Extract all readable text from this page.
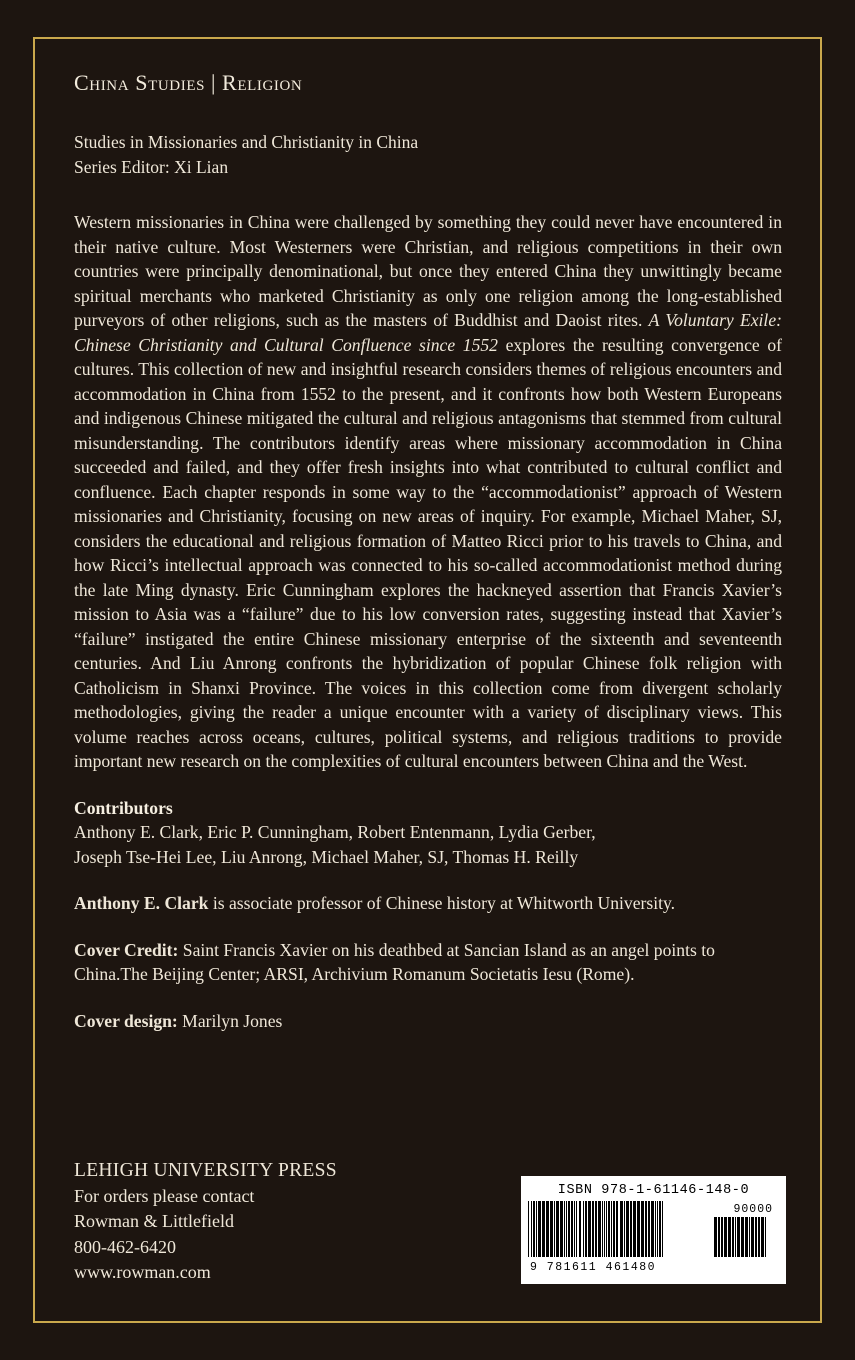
China Studies | Religion
Studies in Missionaries and Christianity in China
Series Editor: Xi Lian
Western missionaries in China were challenged by something they could never have encountered in their native culture. Most Westerners were Christian, and religious competitions in their own countries were principally denominational, but once they entered China they unwittingly became spiritual merchants who marketed Christianity as only one religion among the long-established purveyors of other religions, such as the masters of Buddhist and Daoist rites. A Voluntary Exile: Chinese Christianity and Cultural Confluence since 1552 explores the resulting convergence of cultures. This collection of new and insightful research considers themes of religious encounters and accommodation in China from 1552 to the present, and it confronts how both Western Europeans and indigenous Chinese mitigated the cultural and religious antagonisms that stemmed from cultural misunderstanding. The contributors identify areas where missionary accommodation in China succeeded and failed, and they offer fresh insights into what contributed to cultural conflict and confluence. Each chapter responds in some way to the “accommodationist” approach of Western missionaries and Christianity, focusing on new areas of inquiry. For example, Michael Maher, SJ, considers the educational and religious formation of Matteo Ricci prior to his travels to China, and how Ricci’s intellectual approach was connected to his so-called accommodationist method during the late Ming dynasty. Eric Cunningham explores the hackneyed assertion that Francis Xavier’s mission to Asia was a “failure” due to his low conversion rates, suggesting instead that Xavier’s “failure” instigated the entire Chinese missionary enterprise of the sixteenth and seventeenth centuries. And Liu Anrong confronts the hybridization of popular Chinese folk religion with Catholicism in Shanxi Province. The voices in this collection come from divergent scholarly methodologies, giving the reader a unique encounter with a variety of disciplinary views. This volume reaches across oceans, cultures, political systems, and religious traditions to provide important new research on the complexities of cultural encounters between China and the West.
Contributors
Anthony E. Clark, Eric P. Cunningham, Robert Entenmann, Lydia Gerber,
Joseph Tse-Hei Lee, Liu Anrong, Michael Maher, SJ, Thomas H. Reilly
Anthony E. Clark is associate professor of Chinese history at Whitworth University.
Cover Credit: Saint Francis Xavier on his deathbed at Sancian Island as an angel points to China.The Beijing Center; ARSI, Archivium Romanum Societatis Iesu (Rome).
Cover design: Marilyn Jones
LEHIGH UNIVERSITY PRESS
For orders please contact
Rowman & Littlefield
800-462-6420
www.rowman.com
ISBN 978-1-61146-148-0
90000
9 781611 461480
